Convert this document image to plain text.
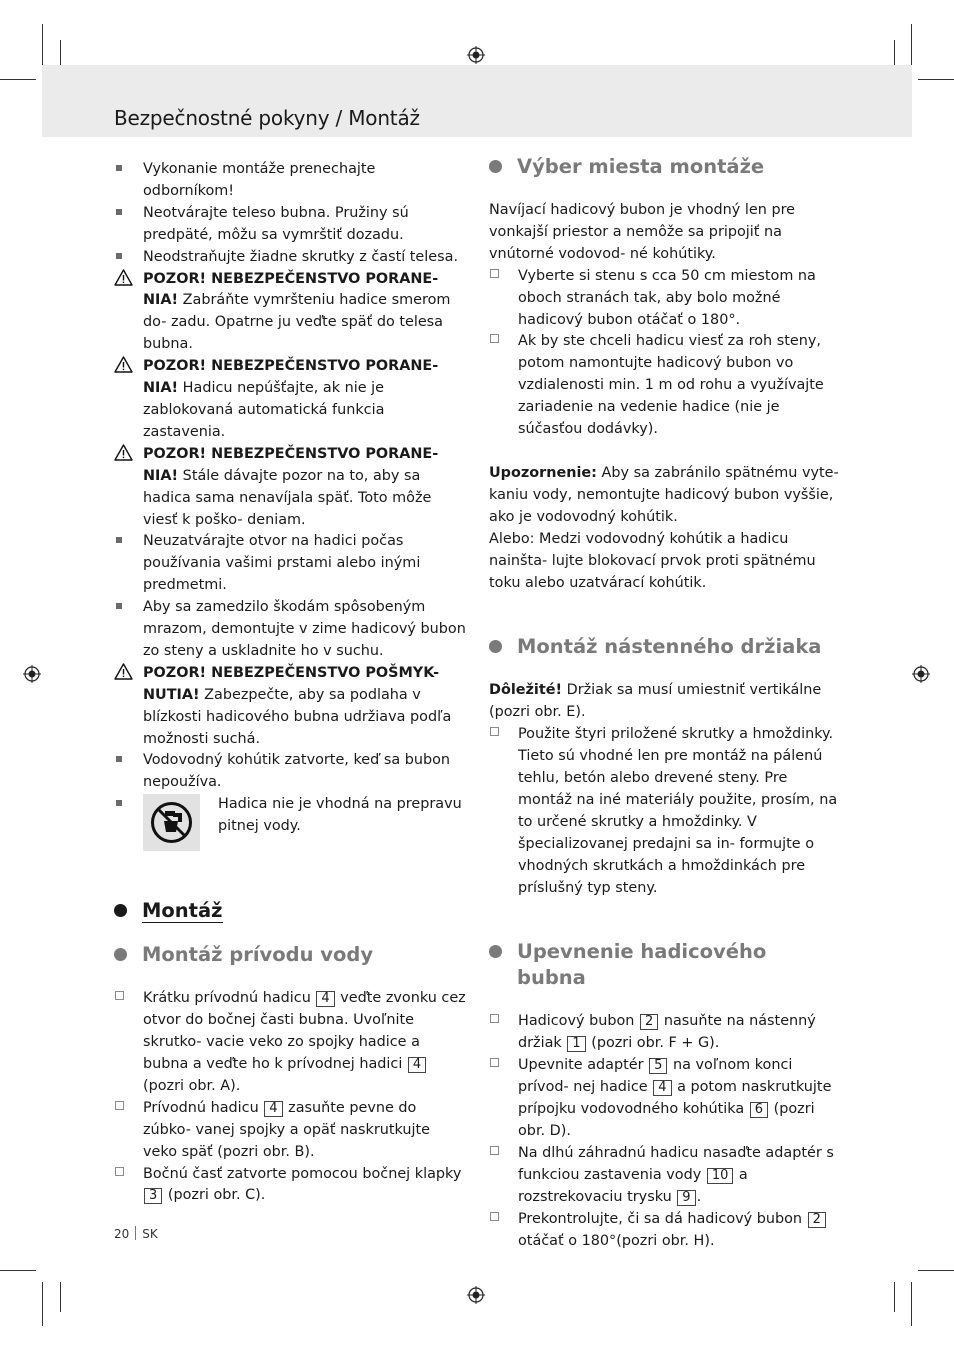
Bezpečnostné pokyny / Montáž
Vykonanie montáže prenechajte odborníkom!
Neotvárajte teleso bubna. Pružiny sú predpäté, môžu sa vymrštiť dozadu.
Neodstraňujte žiadne skrutky z častí telesa.
POZOR! NEBEZPEČENSTVO PORANE- NIA! Zabráňte vymršteniu hadice smerom do- zadu. Opatrne ju veďte späť do telesa bubna.
POZOR! NEBEZPEČENSTVO PORANE- NIA! Hadicu nepúšťajte, ak nie je zablokovaná automatická funkcia zastavenia.
POZOR! NEBEZPEČENSTVO PORANE- NIA! Stále dávajte pozor na to, aby sa hadica sama nenavíjala späť. Toto môže viesť k poško- deniam.
Neuzatvárajte otvor na hadici počas používania vašimi prstami alebo inými predmetmi.
Aby sa zamedzilo škodám spôsobeným mrazom, demontujte v zime hadicový bubon zo steny a uskladnite ho v suchu.
POZOR! NEBEZPEČENSTVO POŠMYK- NUTIA! Zabezpečte, aby sa podlaha v blízkosti hadicového bubna udržiava podľa možnosti suchá.
Vodovodný kohútik zatvorte, keď sa bubon nepoužíva.

Hadica nie je vhodná na prepravu pitnej vody.

Montáž
Montáž prívodu vody
Krátku prívodnú hadicu 4 veďte zvonku cez otvor do bočnej časti bubna. Uvoľnite skrutko- vacie veko zo spojky hadice a bubna a veďte ho k prívodnej hadici 4 (pozri obr. A).
Prívodnú hadicu 4 zasuňte pevne do zúbko- vanej spojky a opäť naskrutkujte veko späť (pozri obr. B).
Bočnú časť zatvorte pomocou bočnej klapky 3 (pozri obr. C).
Výber miesta montáže

Navíjací hadicový bubon je vhodný len pre vonkajší priestor a nemôže sa pripojiť na vnútorné vodovod- né kohútiky.

Vyberte si stenu s cca 50 cm miestom na oboch stranách tak, aby bolo možné hadicový bubon otáčať o 180°.
Ak by ste chceli hadicu viesť za roh steny, potom namontujte hadicový bubon vo vzdialenosti min. 1 m od rohu a využívajte zariadenie na vedenie hadice (nie je súčasťou dodávky).

Upozornenie: Aby sa zabránilo spätnému vyte- kaniu vody, nemontujte hadicový bubon vyššie, ako je vodovodný kohútik.

Alebo: Medzi vodovodný kohútik a hadicu nainšta- lujte blokovací prvok proti spätnému toku alebo uzatvárací kohútik.

Montáž nástenného držiaka

Dôležité! Držiak sa musí umiestniť vertikálne (pozri obr. E).

Použite štyri priložené skrutky a hmoždinky. Tieto sú vhodné len pre montáž na pálenú tehlu, betón alebo drevené steny. Pre montáž na iné materiály použite, prosím, na to určené skrutky a hmoždinky. V špecializovanej predajni sa in- formujte o vhodných skrutkách a hmoždinkách pre príslušný typ steny.
Upevnenie hadicového bubna
Hadicový bubon 2 nasuňte na nástenný držiak 1 (pozri obr. F + G).
Upevnite adaptér 5 na voľnom konci prívod- nej hadice 4 a potom naskrutkujte prípojku vodovodného kohútika 6 (pozri obr. D).
Na dlhú záhradnú hadicu nasaďte adaptér s funkciou zastavenia vody 10 a rozstrekovaciu trysku 9 .
Prekontrolujte, či sa dá hadicový bubon 2 otáčať o 180°(pozri obr. H).
20 SK
